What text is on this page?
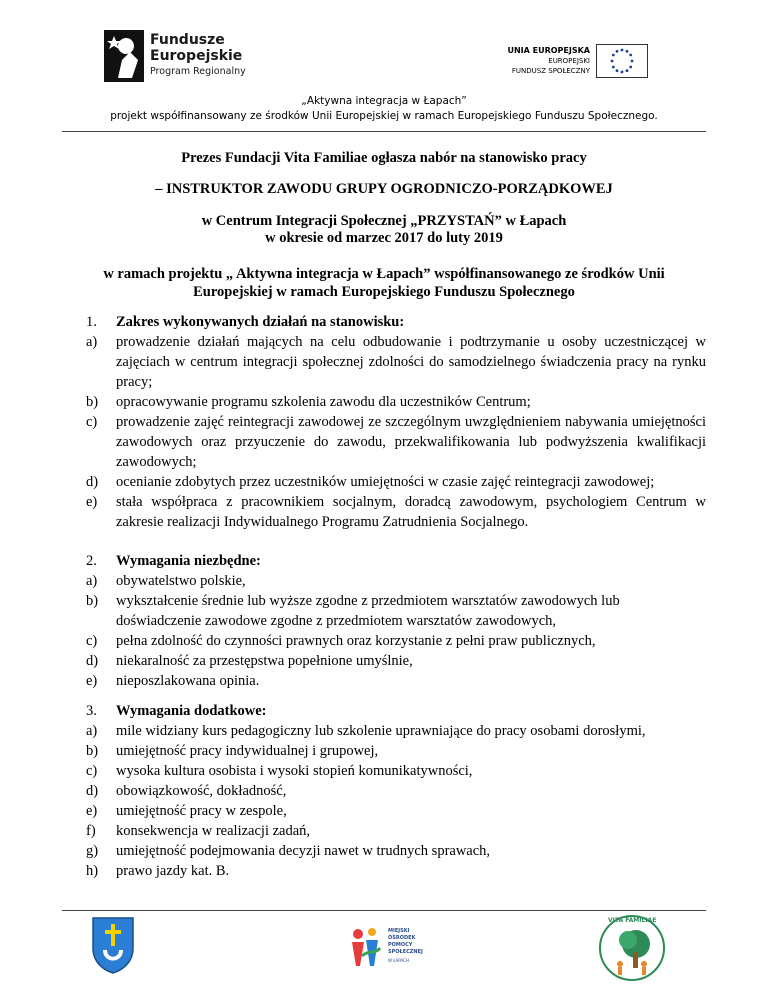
Fundusze
Europejskie
Program Regionalny
UNIA EUROPEJSKA
EUROPEJSKI
FUNDUSZ SPOŁECZNY
„Aktywna integracja w Łapach”
projekt współfinansowany ze środków Unii Europejskiej w ramach Europejskiego Funduszu Społecznego.
Prezes Fundacji Vita Familiae ogłasza nabór na stanowisko pracy
– INSTRUKTOR ZAWODU GRUPY OGRODNICZO-PORZĄDKOWEJ
w Centrum Integracji Społecznej „PRZYSTAŃ” w Łapach
w okresie od marzec 2017 do luty 2019
w ramach projektu „ Aktywna integracja w Łapach” współfinansowanego ze środków Unii
Europejskiej w ramach Europejskiego Funduszu Społecznego
1. Zakres wykonywanych działań na stanowisku:
a) prowadzenie działań mających na celu odbudowanie i podtrzymanie u osoby uczestniczącej w zajęciach w centrum integracji społecznej zdolności do samodzielnego świadczenia pracy na rynku pracy;
b) opracowywanie programu szkolenia zawodu dla uczestników Centrum;
c) prowadzenie zajęć reintegracji zawodowej ze szczególnym uwzględnieniem nabywania umiejętności zawodowych oraz przyuczenie do zawodu, przekwalifikowania lub podwyższenia kwalifikacji zawodowych;
d) ocenianie zdobytych przez uczestników umiejętności w czasie zajęć reintegracji zawodowej;
e) stała współpraca z pracownikiem socjalnym, doradcą zawodowym, psychologiem Centrum w zakresie realizacji Indywidualnego Programu Zatrudnienia Socjalnego.
2. Wymagania niezbędne:
a) obywatelstwo polskie,
b) wykształcenie średnie lub wyższe zgodne z przedmiotem warsztatów zawodowych lub doświadczenie zawodowe zgodne z przedmiotem warsztatów zawodowych,
c) pełna zdolność do czynności prawnych oraz korzystanie z pełni praw publicznych,
d) niekaralność za przestępstwa popełnione umyślnie,
e) nieposzlakowana opinia.
3. Wymagania dodatkowe:
a) mile widziany kurs pedagogiczny lub szkolenie uprawniające do pracy osobami dorosłymi,
b) umiejętność pracy indywidualnej i grupowej,
c) wysoka kultura osobista i wysoki stopień komunikatywności,
d) obowiązkowość, dokładność,
e) umiejętność pracy w zespole,
f) konsekwencja w realizacji zadań,
g) umiejętność podejmowania decyzji nawet w trudnych sprawach,
h) prawo jazdy kat. B.
MIEJSKI
OŚRODEK
POMOCY
SPOŁECZNEJ
W ŁAPACH
VITA FAMILIAE
